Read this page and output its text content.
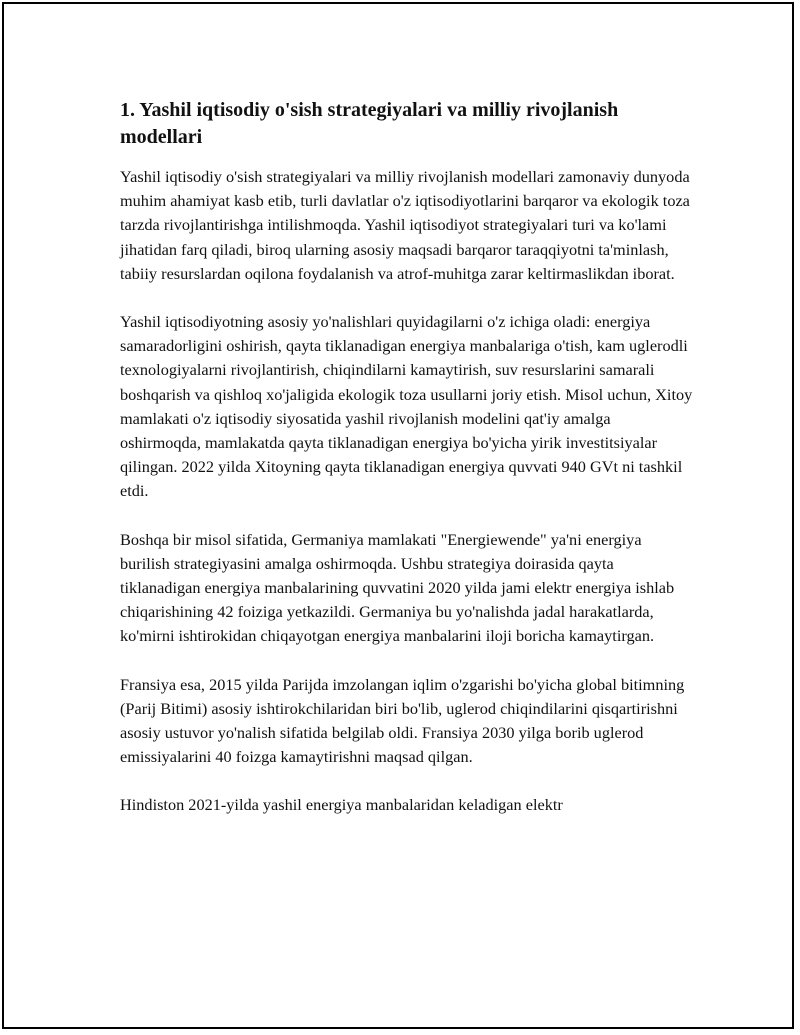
1. Yashil iqtisodiy o'sish strategiyalari va milliy rivojlanish modellari

Yashil iqtisodiy o'sish strategiyalari va milliy rivojlanish modellari zamonaviy dunyoda muhim ahamiyat kasb etib, turli davlatlar o'z iqtisodiyotlarini barqaror va ekologik toza tarzda rivojlantirishga intilishmoqda. Yashil iqtisodiyot strategiyalari turi va ko'lami jihatidan farq qiladi, biroq ularning asosiy maqsadi barqaror taraqqiyotni ta'minlash, tabiiy resurslardan oqilona foydalanish va atrof-muhitga zarar keltirmaslikdan iborat.

Yashil iqtisodiyotning asosiy yo'nalishlari quyidagilarni o'z ichiga oladi: energiya samaradorligini oshirish, qayta tiklanadigan energiya manbalariga o'tish, kam uglerodli texnologiyalarni rivojlantirish, chiqindilarni kamaytirish, suv resurslarini samarali boshqarish va qishloq xo'jaligida ekologik toza usullarni joriy etish. Misol uchun, Xitoy mamlakati o'z iqtisodiy siyosatida yashil rivojlanish modelini qat'iy amalga oshirmoqda, mamlakatda qayta tiklanadigan energiya bo'yicha yirik investitsiyalar qilingan. 2022 yilda Xitoyning qayta tiklanadigan energiya quvvati 940 GVt ni tashkil etdi.

Boshqa bir misol sifatida, Germaniya mamlakati "Energiewende" ya'ni energiya burilish strategiyasini amalga oshirmoqda. Ushbu strategiya doirasida qayta tiklanadigan energiya manbalarining quvvatini 2020 yilda jami elektr energiya ishlab chiqarishining 42 foiziga yetkazildi. Germaniya bu yo'nalishda jadal harakatlarda, ko'mirni ishtirokidan chiqayotgan energiya manbalarini iloji boricha kamaytirgan.

Fransiya esa, 2015 yilda Parijda imzolangan iqlim o'zgarishi bo'yicha global bitimning (Parij Bitimi) asosiy ishtirokchilaridan biri bo'lib, uglerod chiqindilarini qisqartirishni asosiy ustuvor yo'nalish sifatida belgilab oldi. Fransiya 2030 yilga borib uglerod emissiyalarini 40 foizga kamaytirishni maqsad qilgan.

Hindiston 2021-yilda yashil energiya manbalaridan keladigan elektr
